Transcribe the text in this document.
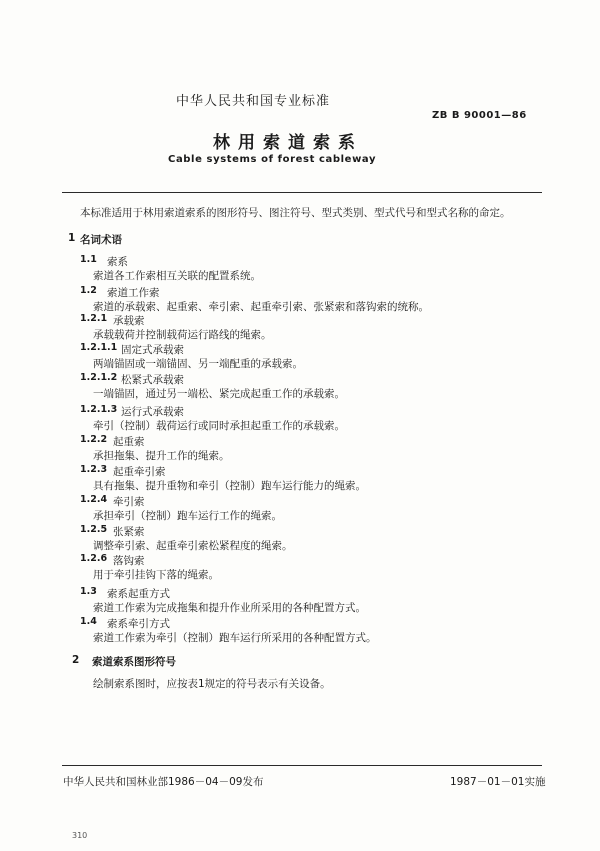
中华人民共和国专业标准
ZB B 90001—86
林用索道索系
Cable systems of forest cableway
本标准适用于林用索道索系的图形符号、图注符号、型式类别、型式代号和型式名称的命定。
1 名词术语
1.1 索系
索道各工作索相互关联的配置系统。
1.2 索道工作索
索道的承载索、起重索、牵引索、起重牵引索、张紧索和落钩索的统称。
1.2.1 承载索
承载载荷并控制载荷运行路线的绳索。
1.2.1.1 固定式承载索
两端锚固或一端锚固、另一端配重的承载索。
1.2.1.2 松紧式承载索
一端锚固，通过另一端松、紧完成起重工作的承载索。
1.2.1.3 运行式承载索
牵引（控制）载荷运行或同时承担起重工作的承载索。
1.2.2 起重索
承担拖集、提升工作的绳索。
1.2.3 起重牵引索
具有拖集、提升重物和牵引（控制）跑车运行能力的绳索。
1.2.4 牵引索
承担牵引（控制）跑车运行工作的绳索。
1.2.5 张紧索
调整牵引索、起重牵引索松紧程度的绳索。
1.2.6 落钩索
用于牵引挂钩下落的绳索。
1.3 索系起重方式
索道工作索为完成拖集和提升作业所采用的各种配置方式。
1.4 索系牵引方式
索道工作索为牵引（控制）跑车运行所采用的各种配置方式。
2 索道索系图形符号
绘制索系图时，应按表1规定的符号表示有关设备。
中华人民共和国林业部1986－04－09发布	1987－01－01实施
310
